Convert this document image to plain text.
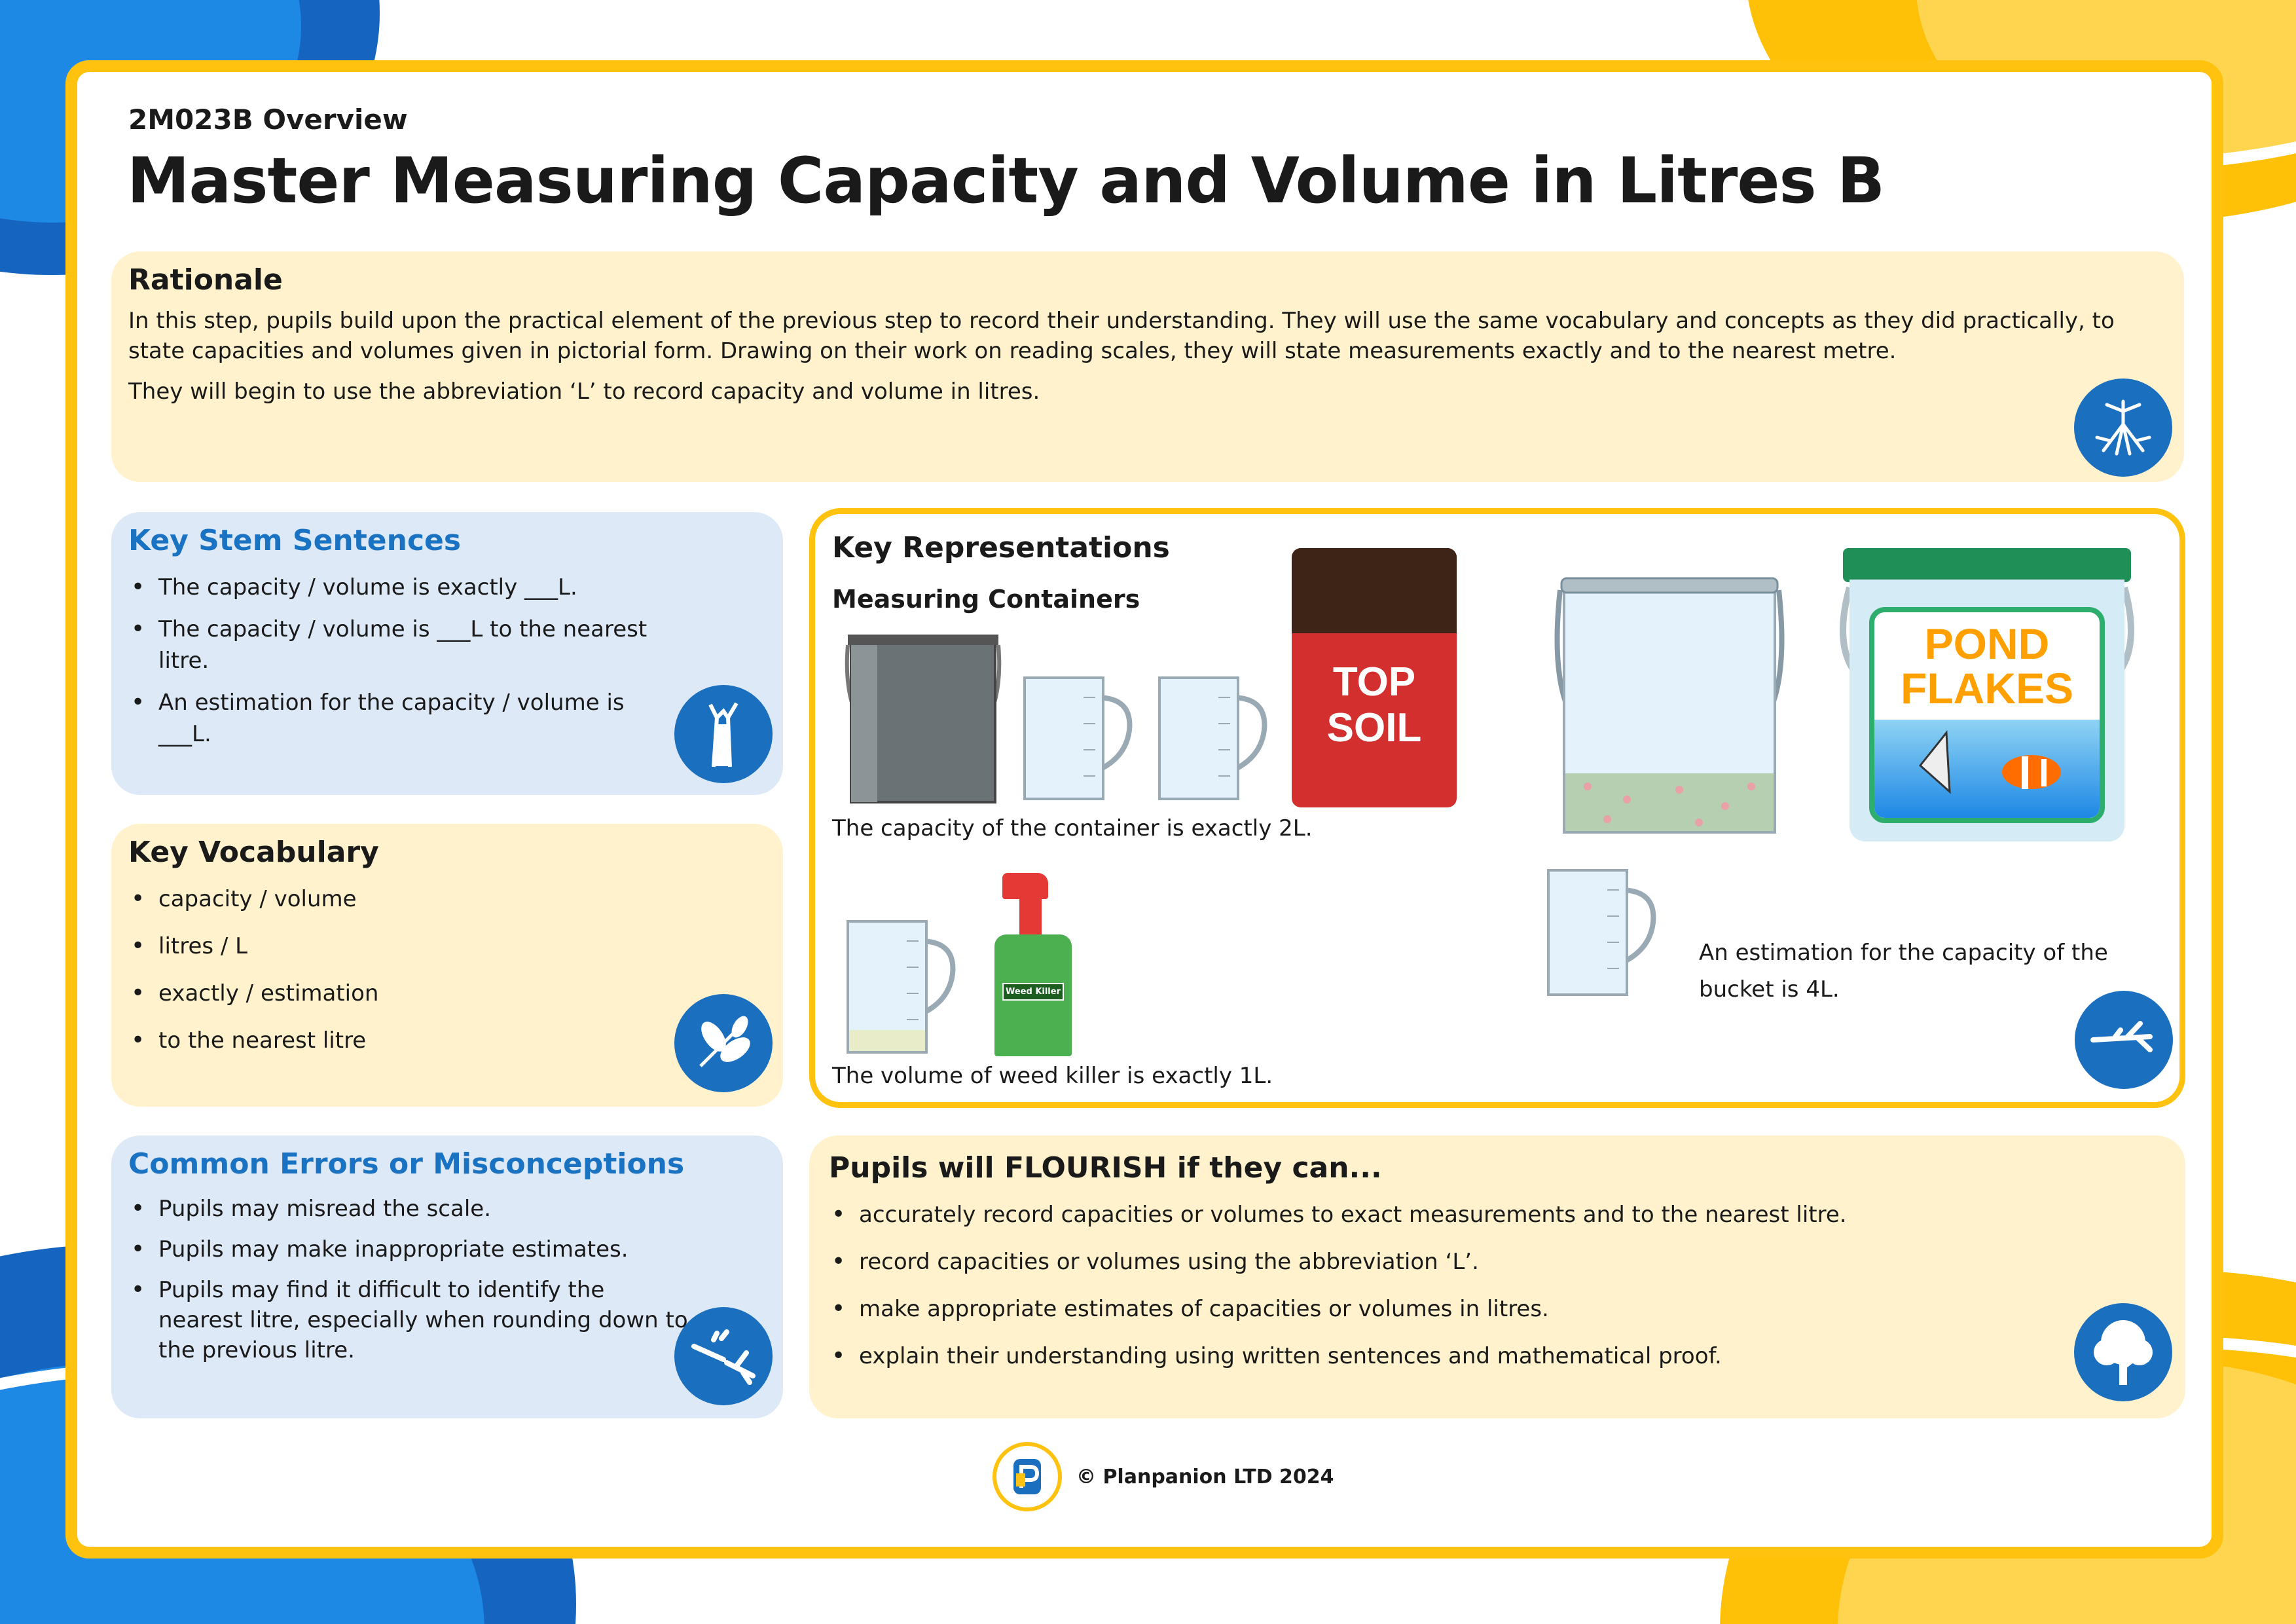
2M023B Overview
Master Measuring Capacity and Volume in Litres B
Rationale

In this step, pupils build upon the practical element of the previous step to record their understanding. They will use the same vocabulary and concepts as they did practically, to state capacities and volumes given in pictorial form. Drawing on their work on reading scales, they will state measurements exactly and to the nearest metre.

They will begin to use the abbreviation ‘L’ to record capacity and volume in litres.

Key Stem Sentences
• The capacity / volume is exactly ___L.
• The capacity / volume is ___L to the nearest litre.
• An estimation for the capacity / volume is ___L.
Key Vocabulary
• capacity / volume
• litres / L
• exactly / estimation
• to the nearest litre
Common Errors or Misconceptions
• Pupils may misread the scale.
• Pupils may make inappropriate estimates.
• Pupils may find it difficult to identify the nearest litre, especially when rounding down to the previous litre.
Key Representations
Measuring Containers
TOP
SOIL
The capacity of the container is exactly 2L.
Weed Killer
The volume of weed killer is exactly 1L.
POND
FLAKES
An estimation for the capacity of the bucket is 4L.
Pupils will FLOURISH if they can...
• accurately record capacities or volumes to exact measurements and to the nearest litre.
• record capacities or volumes using the abbreviation ‘L’.
• make appropriate estimates of capacities or volumes in litres.
• explain their understanding using written sentences and mathematical proof.
© Planpanion LTD 2024
